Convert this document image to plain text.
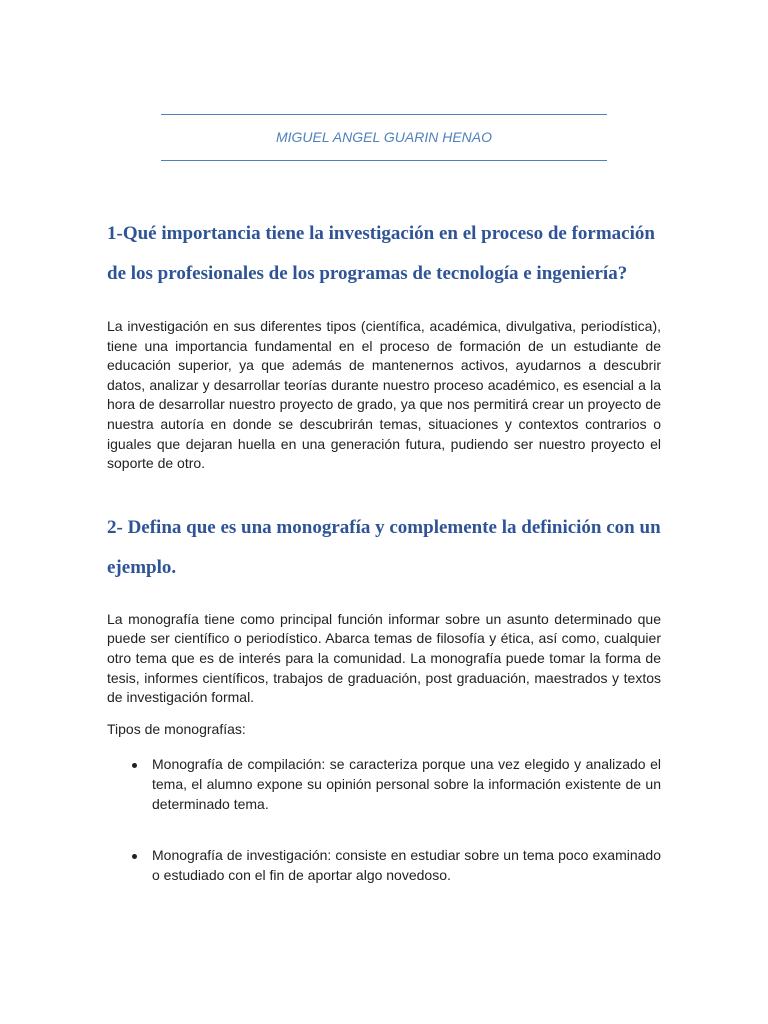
MIGUEL ANGEL GUARIN HENAO
1-Qué importancia tiene la investigación en el proceso de formación de los profesionales de los programas de tecnología e ingeniería?

La investigación en sus diferentes tipos (científica, académica, divulgativa, periodística), tiene una importancia fundamental en el proceso de formación de un estudiante de educación superior, ya que además de mantenernos activos, ayudarnos a descubrir datos, analizar y desarrollar teorías durante nuestro proceso académico, es esencial a la hora de desarrollar nuestro proyecto de grado, ya que nos permitirá crear un proyecto de nuestra autoría en donde se descubrirán temas, situaciones y contextos contrarios o iguales que dejaran huella en una generación futura, pudiendo ser nuestro proyecto el soporte de otro.

2- Defina que es una monografía y complemente la definición con un ejemplo.

La monografía tiene como principal función informar sobre un asunto determinado que puede ser científico o periodístico. Abarca temas de filosofía y ética, así como, cualquier otro tema que es de interés para la comunidad. La monografía puede tomar la forma de tesis, informes científicos, trabajos de graduación, post graduación, maestrados y textos de investigación formal.

Tipos de monografías:
Monografía de compilación: se caracteriza porque una vez elegido y analizado el tema, el alumno expone su opinión personal sobre la información existente de un determinado tema.
Monografía de investigación: consiste en estudiar sobre un tema poco examinado o estudiado con el fin de aportar algo novedoso.
